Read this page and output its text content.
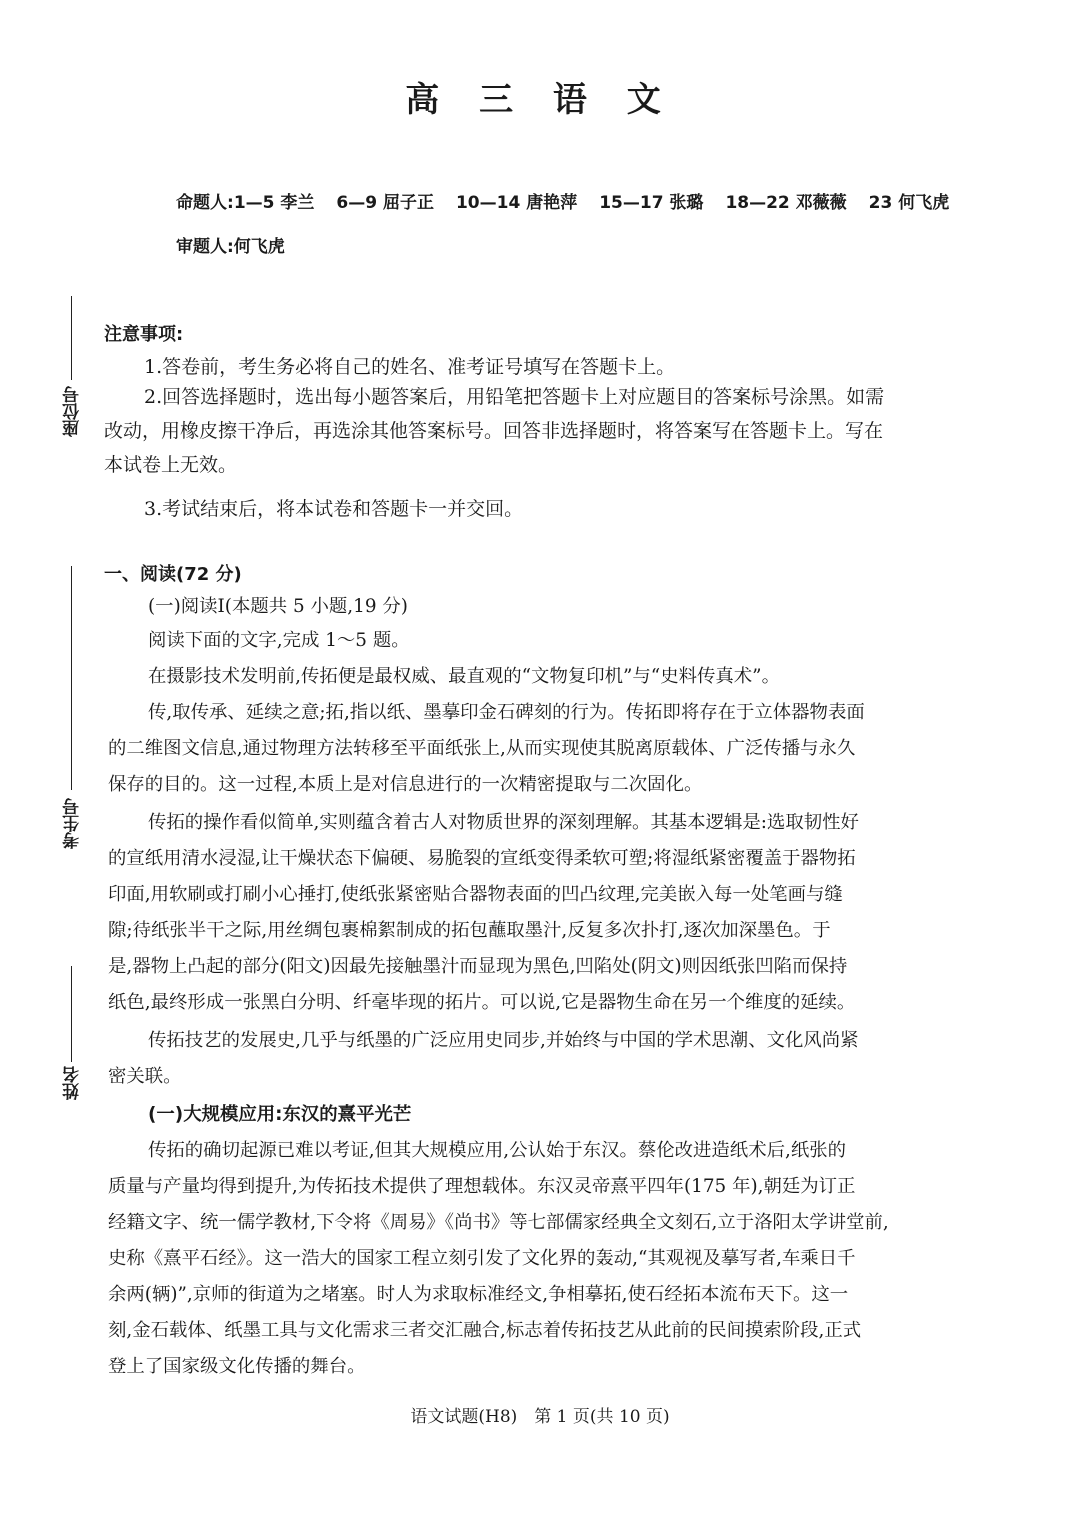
高 三 语 文
命题人:1—5 李兰 6—9 屈子正 10—14 唐艳萍 15—17 张璐 18—22 邓薇薇 23 何飞虎
审题人:何飞虎
座位号
考生号
姓名
注意事项:
1.答卷前，考生务必将自己的姓名、准考证号填写在答题卡上。
2.回答选择题时，选出每小题答案后，用铅笔把答题卡上对应题目的答案标号涂黑。如需
改动，用橡皮擦干净后，再选涂其他答案标号。回答非选择题时，将答案写在答题卡上。写在
本试卷上无效。
3.考试结束后，将本试卷和答题卡一并交回。
一、阅读(72 分)
(一)阅读Ⅰ(本题共 5 小题,19 分)
阅读下面的文字,完成 1～5 题。
在摄影技术发明前,传拓便是最权威、最直观的“文物复印机”与“史料传真术”。
传,取传承、延续之意;拓,指以纸、墨摹印金石碑刻的行为。传拓即将存在于立体器物表面
的二维图文信息,通过物理方法转移至平面纸张上,从而实现使其脱离原载体、广泛传播与永久
保存的目的。这一过程,本质上是对信息进行的一次精密提取与二次固化。
传拓的操作看似简单,实则蕴含着古人对物质世界的深刻理解。其基本逻辑是:选取韧性好
的宣纸用清水浸湿,让干燥状态下偏硬、易脆裂的宣纸变得柔软可塑;将湿纸紧密覆盖于器物拓
印面,用软刷或打刷小心捶打,使纸张紧密贴合器物表面的凹凸纹理,完美嵌入每一处笔画与缝
隙;待纸张半干之际,用丝绸包裹棉絮制成的拓包蘸取墨汁,反复多次扑打,逐次加深墨色。于
是,器物上凸起的部分(阳文)因最先接触墨汁而显现为黑色,凹陷处(阴文)则因纸张凹陷而保持
纸色,最终形成一张黑白分明、纤毫毕现的拓片。可以说,它是器物生命在另一个维度的延续。
传拓技艺的发展史,几乎与纸墨的广泛应用史同步,并始终与中国的学术思潮、文化风尚紧
密关联。
(一)大规模应用:东汉的熹平光芒
传拓的确切起源已难以考证,但其大规模应用,公认始于东汉。蔡伦改进造纸术后,纸张的
质量与产量均得到提升,为传拓技术提供了理想载体。东汉灵帝熹平四年(175 年),朝廷为订正
经籍文字、统一儒学教材,下令将《周易》《尚书》等七部儒家经典全文刻石,立于洛阳太学讲堂前,
史称《熹平石经》。这一浩大的国家工程立刻引发了文化界的轰动,“其观视及摹写者,车乘日千
余两(辆)”,京师的街道为之堵塞。时人为求取标准经文,争相摹拓,使石经拓本流布天下。这一
刻,金石载体、纸墨工具与文化需求三者交汇融合,标志着传拓技艺从此前的民间摸索阶段,正式
登上了国家级文化传播的舞台。
语文试题(H8)　第 1 页(共 10 页)
